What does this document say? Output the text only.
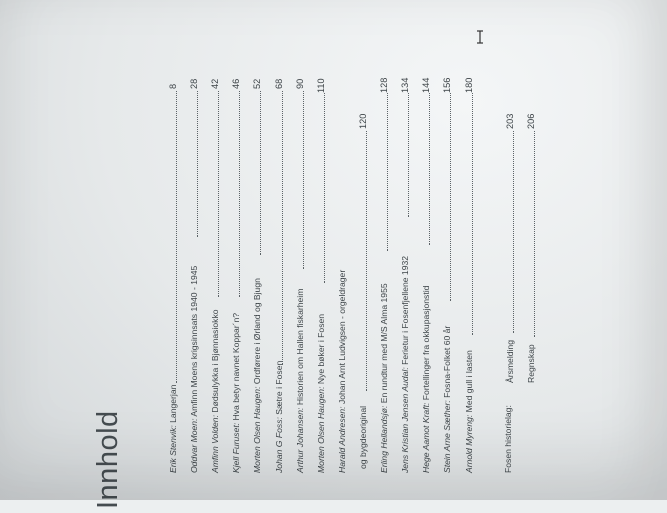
Innhold	Erik Stenvik: Langerjan
8
Oddvar Moen: Amfinn Moens krigsinnsats 1940 - 1945
28
Amfinn Volden: Dødsulykka i Bjønnasiokko
42
Kjell Furuset: Hva betyr navnet Koppar´n?
46
Morten Olsen Haugen: Ordførere i Ørland og Bjugn
52
Johan G Foss: Sætre i Fosen
68
Arthur Johansen: Historien om Hallen fiskarheim
90
Morten Olsen Haugen: Nye bøker i Fosen
110
Harald Andresen: Johan Arnt Ludvigsen - orgeldrager
og bygdeoriginal
120
Erling Hellandsjø: En rundtur med M/S Alma 1955
128
Jens Kristian Jensen Audal: Ferietur i Fosenfjellene 1932
134
Hege Aamot Kraft: Fortellinger fra okkupasjonstid
144
Stein Arne Sæther: Fosna-Folket 60 år
156
Arnold Myreng: Med gull i lasten
180
Fosen historielag:
Årsmelding
203
Regnskap
206
